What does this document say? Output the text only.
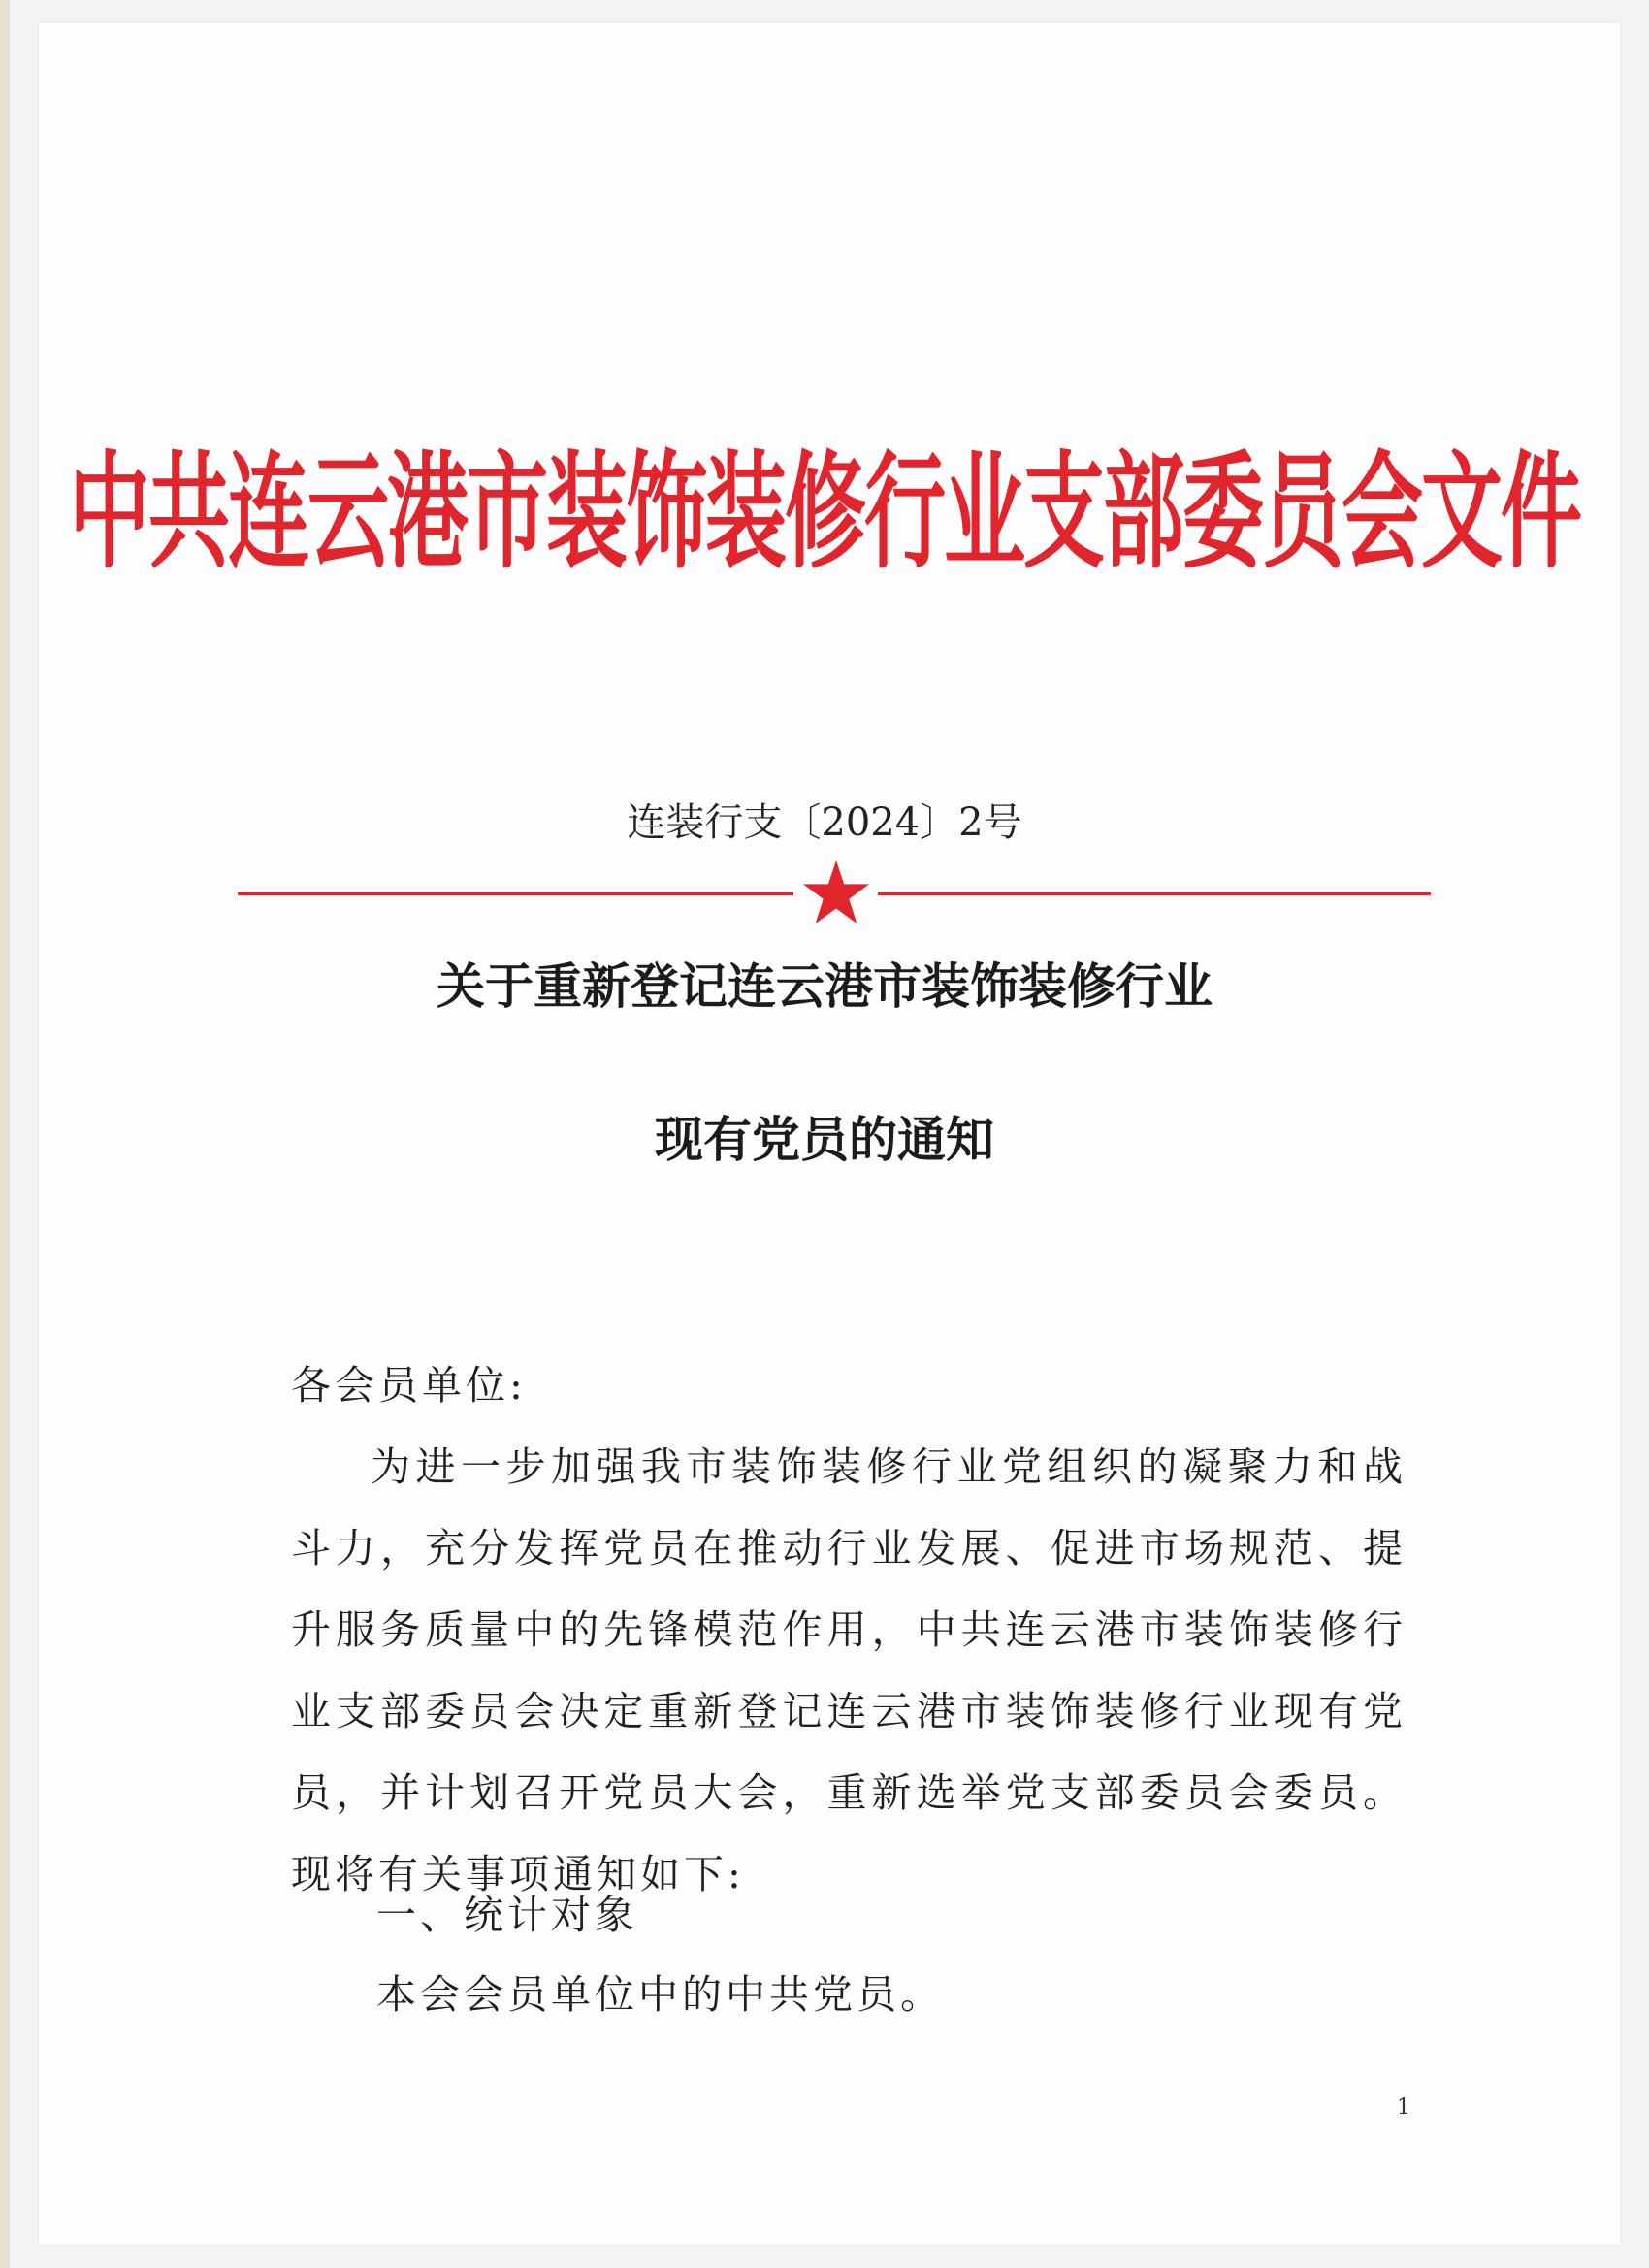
中共连云港市装饰装修行业支部委员会文件
连装行支〔2024〕2号
关于重新登记连云港市装饰装修行业
现有党员的通知
各会员单位:
为进一步加强我市装饰装修行业党组织的凝聚力和战斗力，充分发挥党员在推动行业发展、促进市场规范、提升服务质量中的先锋模范作用，中共连云港市装饰装修行业支部委员会决定重新登记连云港市装饰装修行业现有党员，并计划召开党员大会，重新选举党支部委员会委员。现将有关事项通知如下:
一、统计对象
本会会员单位中的中共党员。
1
